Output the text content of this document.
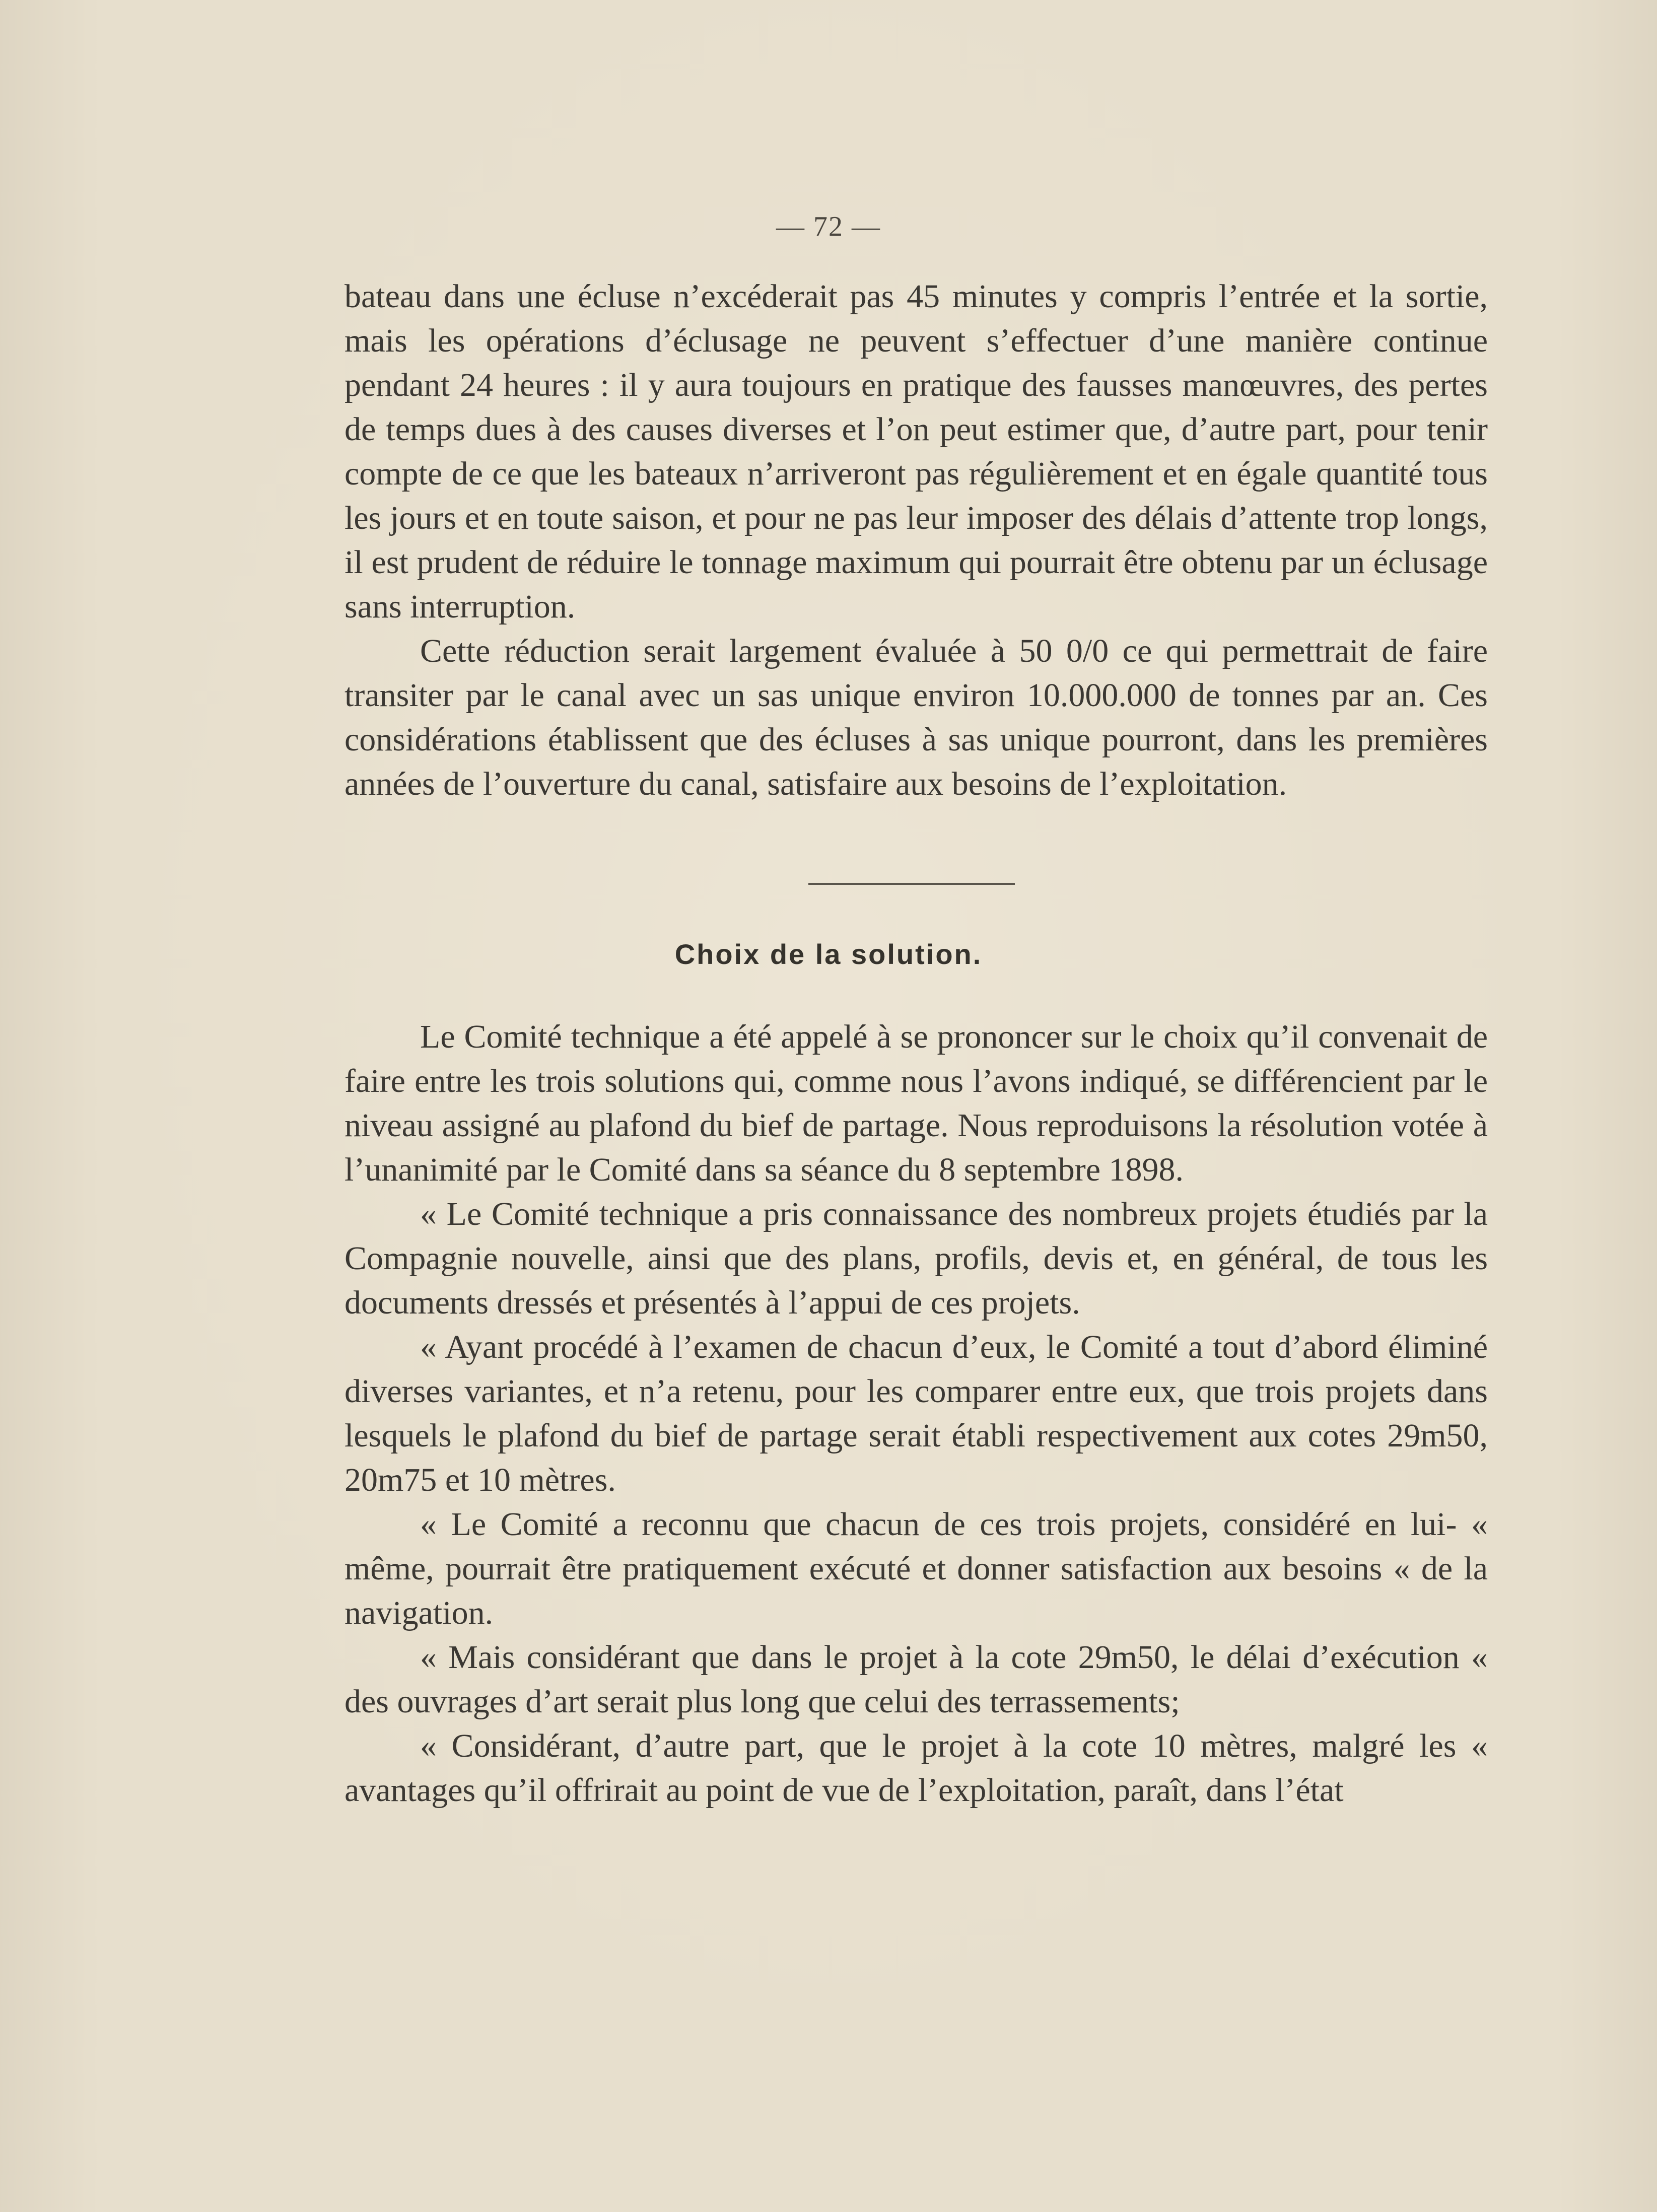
— 72 —

bateau dans une écluse n’excéderait pas 45 minutes y compris l’entrée et la sortie, mais les opérations d’éclusage ne peuvent s’effectuer d’une manière continue pendant 24 heures : il y aura toujours en pratique des fausses manœuvres, des pertes de temps dues à des causes diverses et l’on peut estimer que, d’autre part, pour tenir compte de ce que les bateaux n’arriveront pas régulièrement et en égale quantité tous les jours et en toute saison, et pour ne pas leur imposer des délais d’attente trop longs, il est prudent de réduire le tonnage maximum qui pourrait être obtenu par un éclusage sans interruption.

Cette réduction serait largement évaluée à 50 0/0 ce qui permettrait de faire transiter par le canal avec un sas unique environ 10.000.000 de tonnes par an. Ces considérations établissent que des écluses à sas unique pourront, dans les premières années de l’ouverture du canal, satisfaire aux besoins de l’exploitation.

Choix de la solution.

Le Comité technique a été appelé à se prononcer sur le choix qu’il convenait de faire entre les trois solutions qui, comme nous l’avons indiqué, se différencient par le niveau assigné au plafond du bief de partage. Nous reproduisons la résolution votée à l’unanimité par le Comité dans sa séance du 8 septembre 1898.

« Le Comité technique a pris connaissance des nombreux projets étudiés par la Compagnie nouvelle, ainsi que des plans, profils, devis et, en général, de tous les documents dressés et présentés à l’appui de ces projets.

« Ayant procédé à l’examen de chacun d’eux, le Comité a tout d’abord éliminé diverses variantes, et n’a retenu, pour les comparer entre eux, que trois projets dans lesquels le plafond du bief de partage serait établi respectivement aux cotes 29m50, 20m75 et 10 mètres.

« Le Comité a reconnu que chacun de ces trois projets, considéré en lui- « même, pourrait être pratiquement exécuté et donner satisfaction aux besoins « de la navigation.

« Mais considérant que dans le projet à la cote 29m50, le délai d’exécution « des ouvrages d’art serait plus long que celui des terrassements;

« Considérant, d’autre part, que le projet à la cote 10 mètres, malgré les « avantages qu’il offrirait au point de vue de l’exploitation, paraît, dans l’état
